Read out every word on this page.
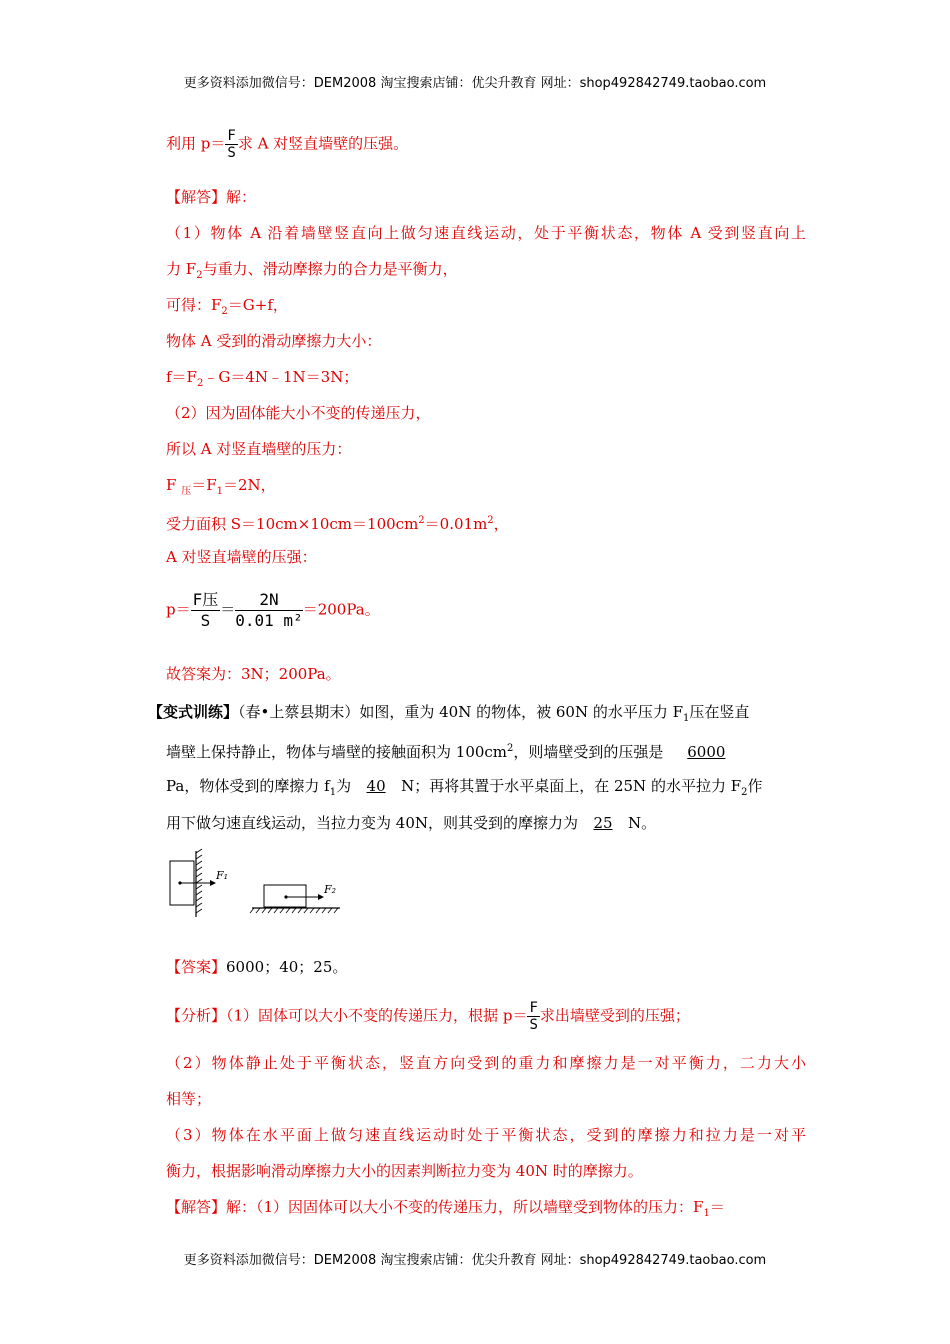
更多资料添加微信号：DEM2008 淘宝搜索店铺：优尖升教育 网址：shop492842749.taobao.com
利用 $p= \frac{F}{S}$ 求 A 对竖直墙壁的压强。
【解答】解：
（1）物体 A 沿着墙壁竖直向上做匀速直线运动，处于平衡状态，物体 A 受到竖直向上
力 $F_2$与重力、滑动摩擦力的合力是平衡力，
可得：$F_2=G+f$，
物体 A 受到的滑动摩擦力大小：
$f=F_2﹣G=4N﹣1N=3N$；
（2）因为固体能大小不变的传递压力，
所以 A 对竖直墙壁的压力：
F $_压=F_1=2N$，
受力面积 $S=10cm\times 10cm=100cm^2=0.01m^2$，
A 对竖直墙壁的压强：
$p= \frac{\text{F压}}{S} = \frac{2N}{\text{0.01 m²}} =200Pa$。
故答案为：3N；200Pa。
【变式训练】（春•上蔡县期末）如图，重为 40N 的物体，被 60N 的水平压力 $F_1$压在竖直
墙壁上保持静止，物体与墙壁的接触面积为 $100cm^2$，则墙壁受到的压强是 6000
Pa，物体受到的摩擦力 $f_1$为 40 N；再将其置于水平桌面上，在 25N 的水平拉力 $F_2$作
用下做匀速直线运动，当拉力变为 40N，则其受到的摩擦力为 25 N。
F₁
F₂
【答案】6000；40；25。
【分析】（1）固体可以大小不变的传递压力，根据 $p= \frac{F}{S}$ 求出墙壁受到的压强；
（2）物体静止处于平衡状态，竖直方向受到的重力和摩擦力是一对平衡力，二力大小
相等；
（3）物体在水平面上做匀速直线运动时处于平衡状态，受到的摩擦力和拉力是一对平
衡力，根据影响滑动摩擦力大小的因素判断拉力变为 40N 时的摩擦力。
【解答】解：（1）因固体可以大小不变的传递压力，所以墙壁受到物体的压力：$F_1=$
更多资料添加微信号：DEM2008 淘宝搜索店铺：优尖升教育 网址：shop492842749.taobao.com
